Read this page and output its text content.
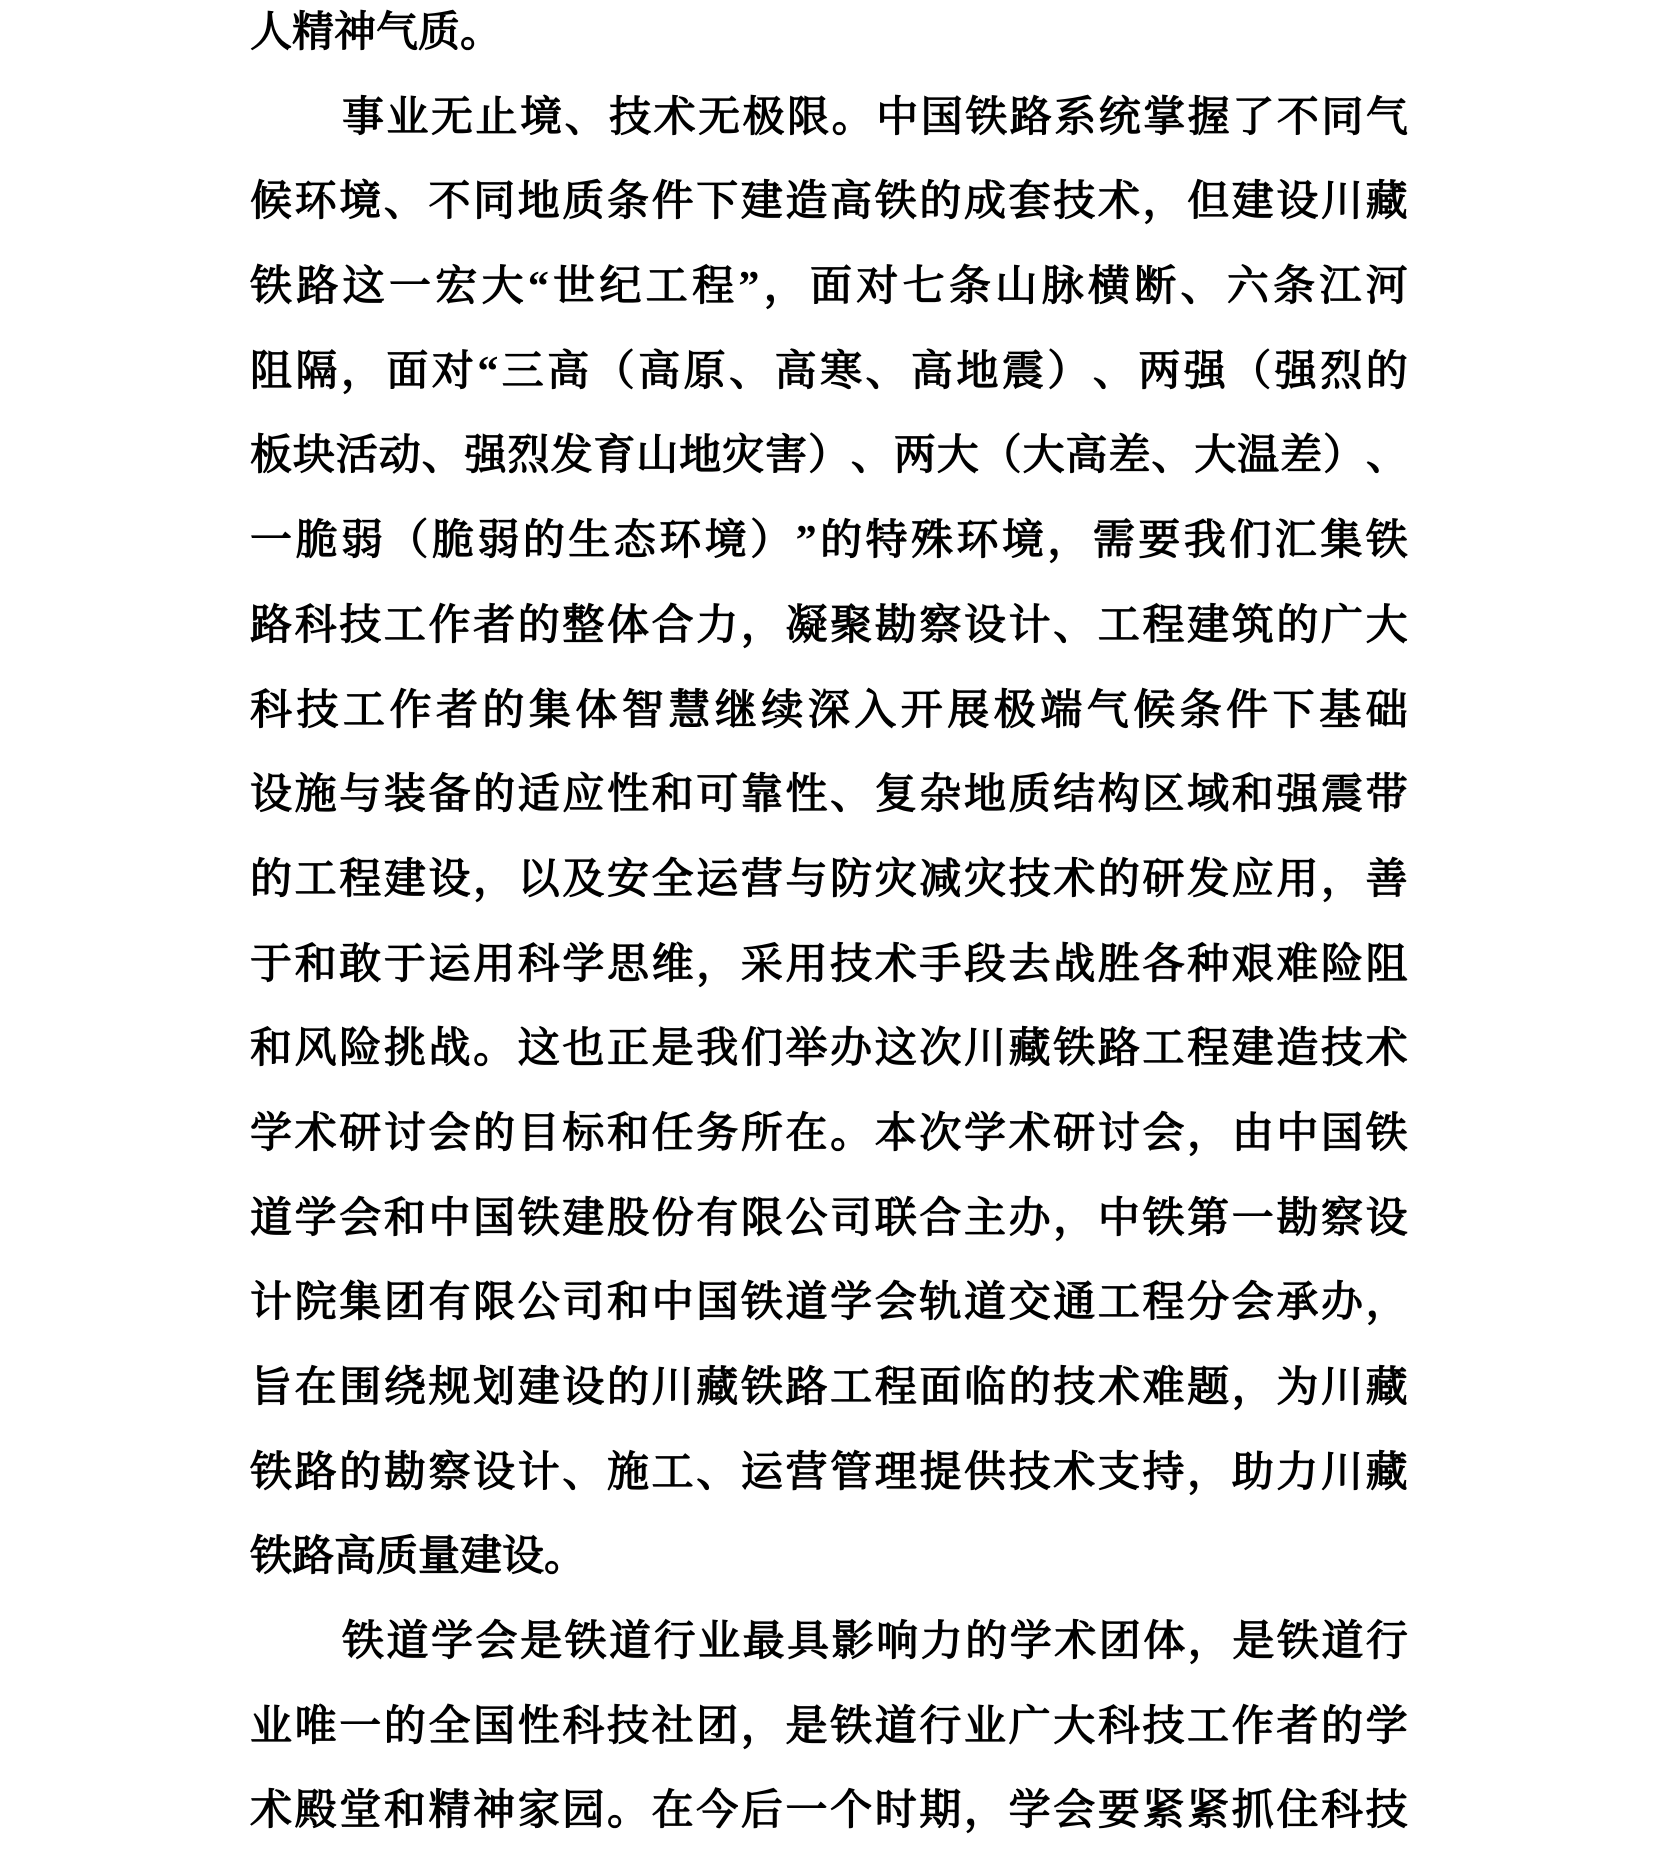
人精神气质。
事 业 无 止 境 、 技 术 无 极 限 。 中 国 铁 路 系 统 掌 握 了 不 同 气
候 环 境 、 不 同 地 质 条 件 下 建 造 高 铁 的 成 套 技 术 ， 但 建 设 川 藏
铁 路 这 一 宏 大 “ 世 纪 工 程 ” ， 面 对 七 条 山 脉 横 断 、 六 条 江 河
阻 隔 ， 面 对 “ 三 高 （ 高 原 、 高 寒 、 高 地 震 ） 、 两 强 （ 强 烈 的
板 块 活 动 、 强 烈 发 育 山 地 灾 害 ） 、 两 大 （ 大 高 差 、 大 温 差 ） 、
一 脆 弱 （ 脆 弱 的 生 态 环 境 ） ” 的 特 殊 环 境 ， 需 要 我 们 汇 集 铁
路 科 技 工 作 者 的 整 体 合 力 ， 凝 聚 勘 察 设 计 、 工 程 建 筑 的 广 大
科 技 工 作 者 的 集 体 智 慧 继 续 深 入 开 展 极 端 气 候 条 件 下 基 础
设 施 与 装 备 的 适 应 性 和 可 靠 性 、 复 杂 地 质 结 构 区 域 和 强 震 带
的 工 程 建 设 ， 以 及 安 全 运 营 与 防 灾 减 灾 技 术 的 研 发 应 用 ， 善
于 和 敢 于 运 用 科 学 思 维 ， 采 用 技 术 手 段 去 战 胜 各 种 艰 难 险 阻
和 风 险 挑 战 。 这 也 正 是 我 们 举 办 这 次 川 藏 铁 路 工 程 建 造 技 术
学 术 研 讨 会 的 目 标 和 任 务 所 在 。 本 次 学 术 研 讨 会 ， 由 中 国 铁
道 学 会 和 中 国 铁 建 股 份 有 限 公 司 联 合 主 办 ， 中 铁 第 一 勘 察 设
计 院 集 团 有 限 公 司 和 中 国 铁 道 学 会 轨 道 交 通 工 程 分 会 承 办 ，
旨 在 围 绕 规 划 建 设 的 川 藏 铁 路 工 程 面 临 的 技 术 难 题 ， 为 川 藏
铁 路 的 勘 察 设 计 、 施 工 、 运 营 管 理 提 供 技 术 支 持 ， 助 力 川 藏
铁路高质量建设。
铁 道 学 会 是 铁 道 行 业 最 具 影 响 力 的 学 术 团 体 ， 是 铁 道 行
业 唯 一 的 全 国 性 科 技 社 团 ， 是 铁 道 行 业 广 大 科 技 工 作 者 的 学
术 殿 堂 和 精 神 家 园 。 在 今 后 一 个 时 期 ， 学 会 要 紧 紧 抓 住 科 技
